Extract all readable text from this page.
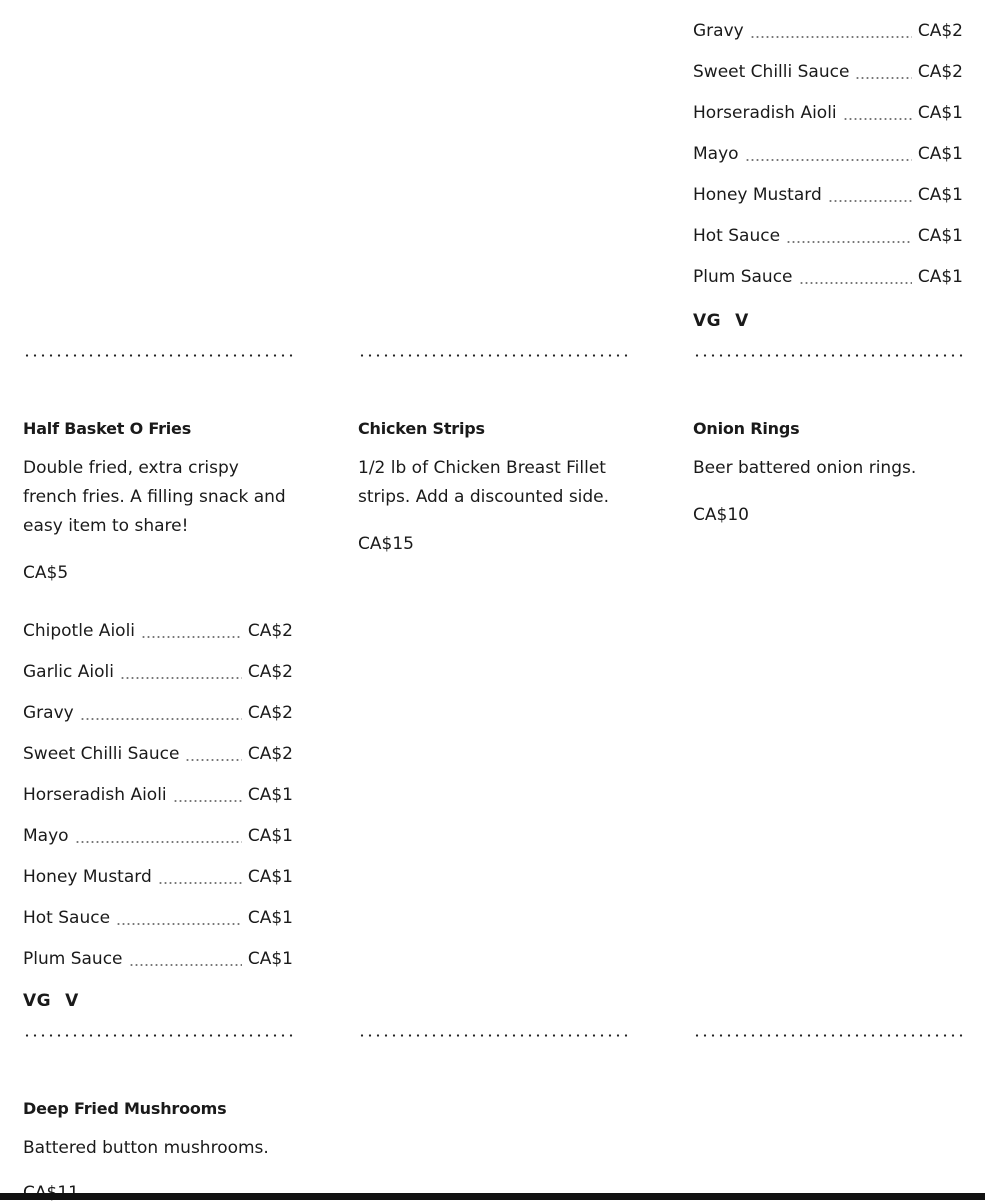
Gravy	CA$2
Sweet Chilli Sauce	CA$2
Horseradish Aioli	CA$1
Mayo	CA$1
Honey Mustard	CA$1
Hot Sauce	CA$1
Plum Sauce	CA$1
VG V
Half Basket O Fries
Double fried, extra crispy french fries. A filling snack and easy item to share!
CA$5
Chipotle Aioli	CA$2
Garlic Aioli	CA$2
Gravy	CA$2
Sweet Chilli Sauce	CA$2
Horseradish Aioli	CA$1
Mayo	CA$1
Honey Mustard	CA$1
Hot Sauce	CA$1
Plum Sauce	CA$1
VG V
Chicken Strips
1/2 lb of Chicken Breast Fillet strips. Add a discounted side.
CA$15
Onion Rings
Beer battered onion rings.
CA$10
Deep Fried Mushrooms
Battered button mushrooms.
